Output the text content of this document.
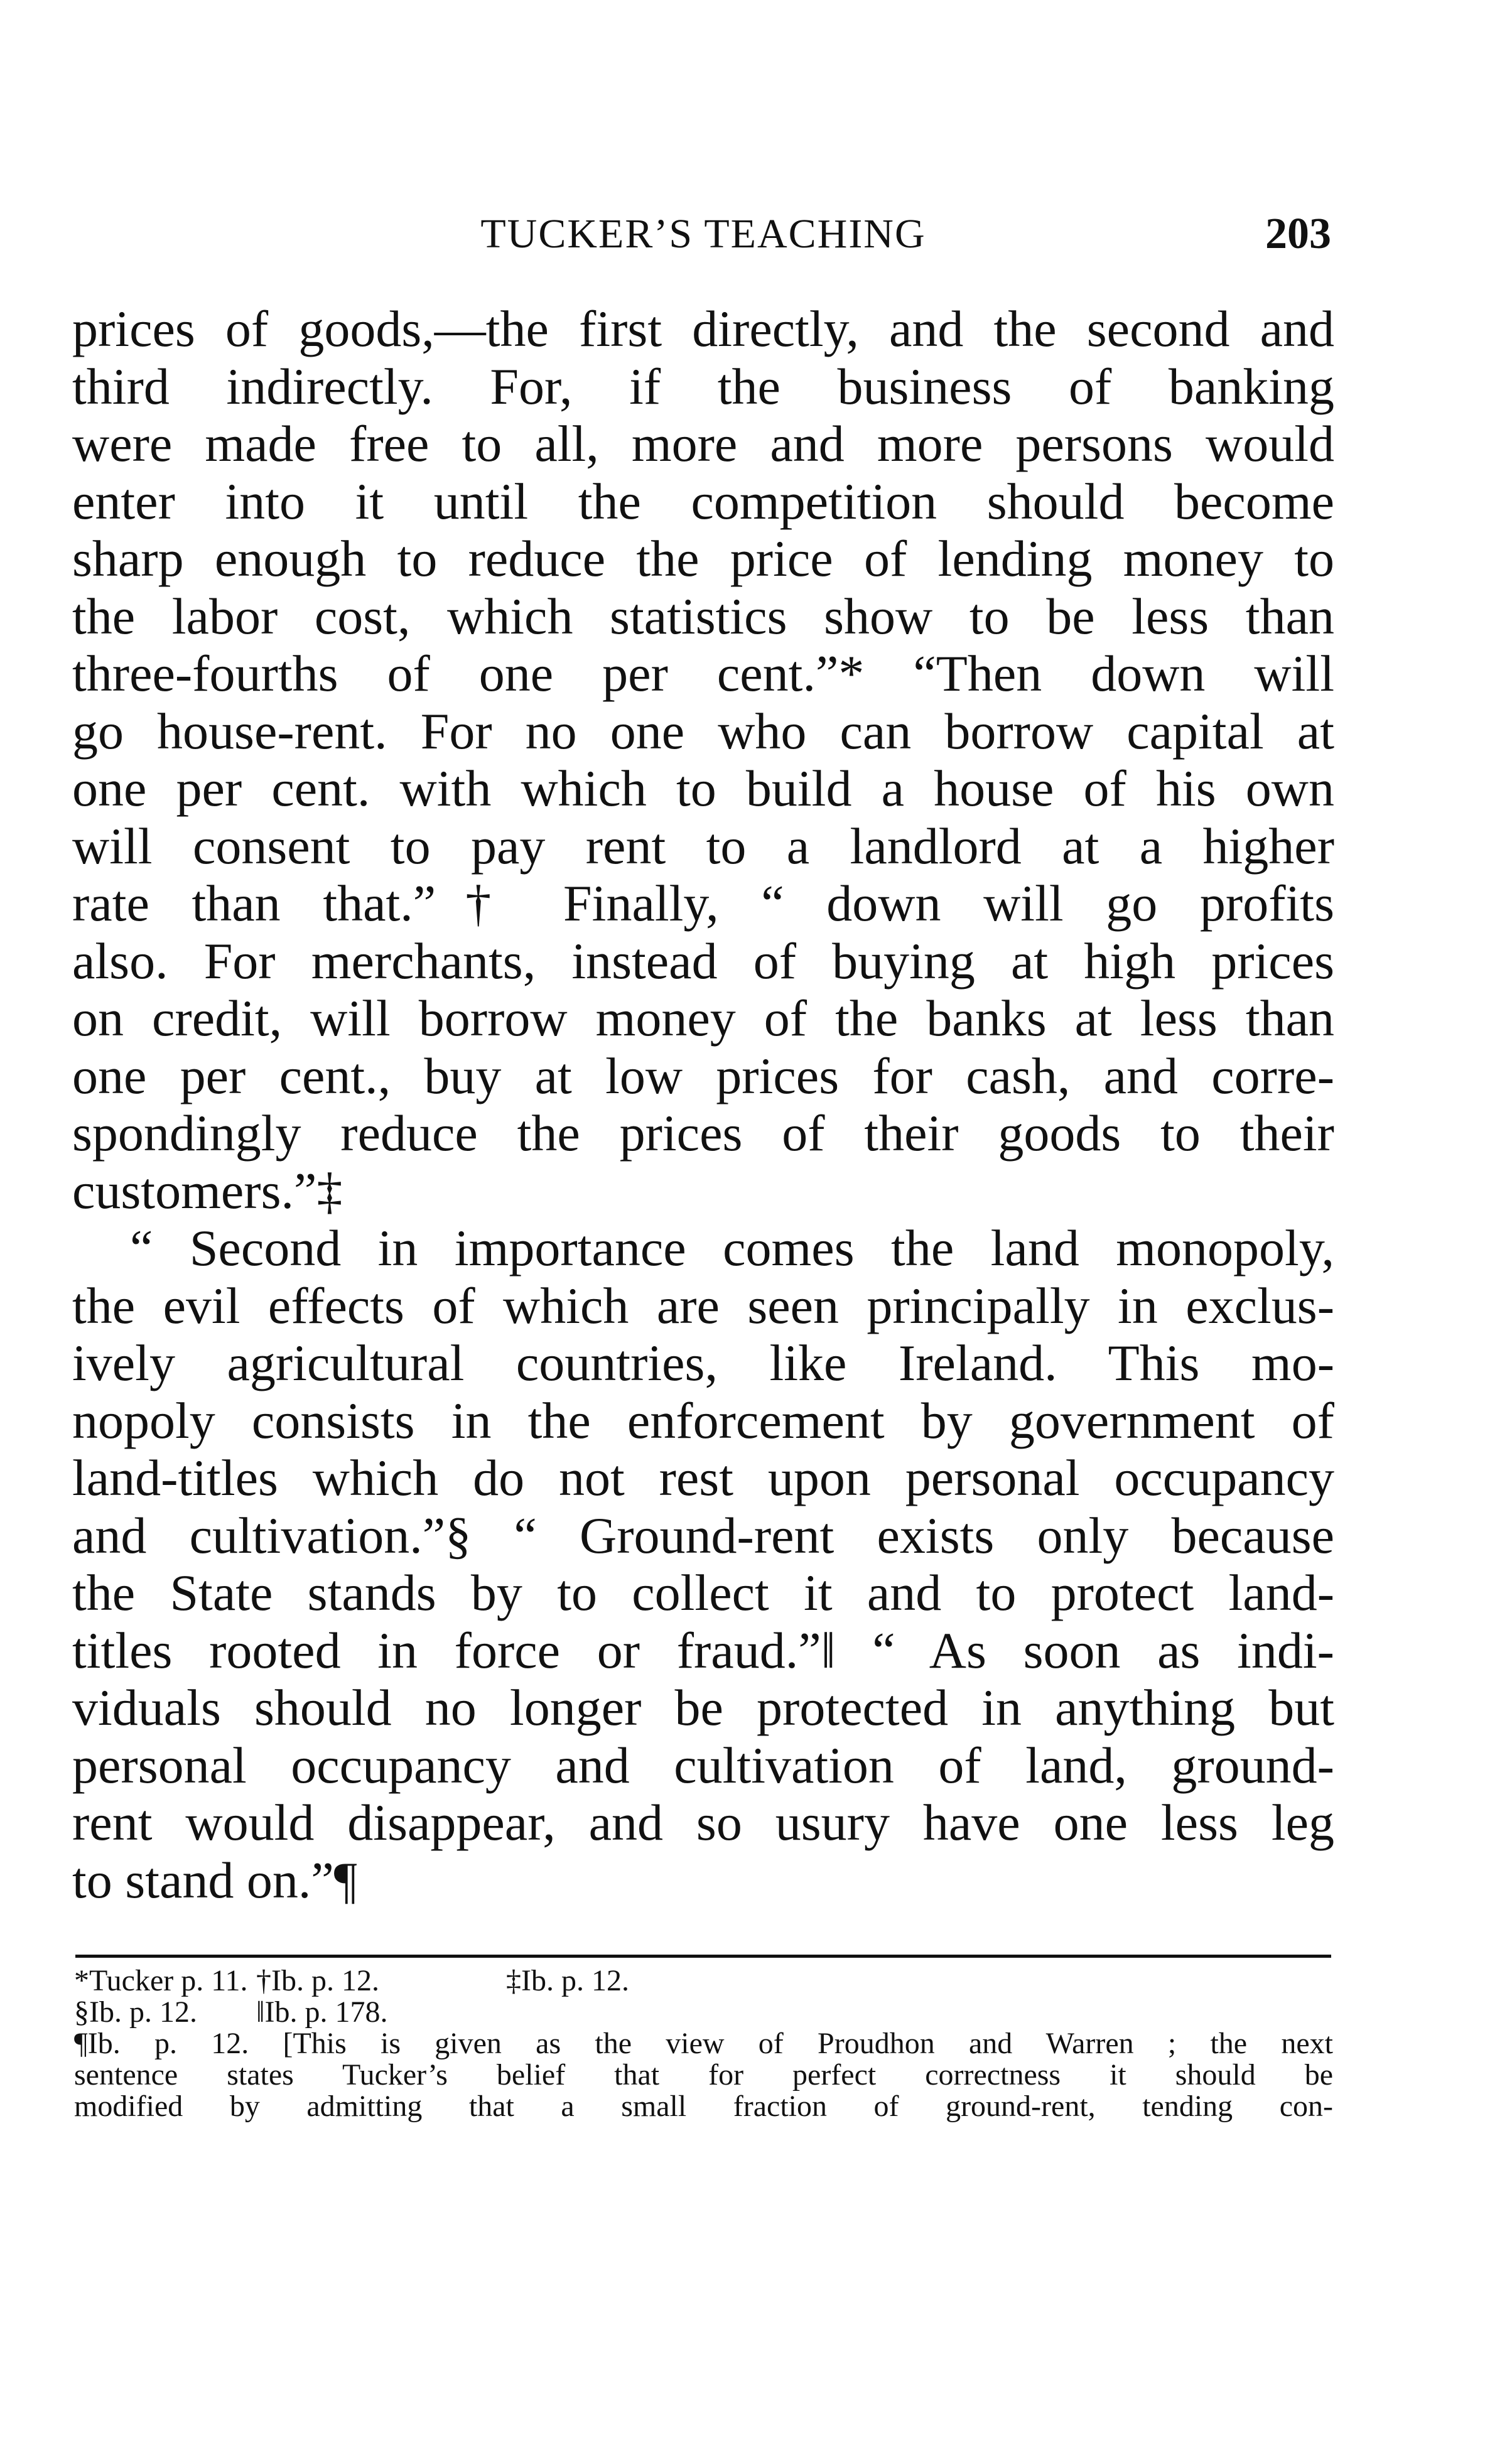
TUCKER’S TEACHING	203
prices of goods,—the first directly, and the second and
third indirectly. For, if the business of banking
were made free to all, more and more persons would
enter into it until the competition should become
sharp enough to reduce the price of lending money to
the labor cost, which statistics show to be less than
three-fourths of one per cent.”* “Then down will
go house-rent. For no one who can borrow capital at
one per cent. with which to build a house of his own
will consent to pay rent to a landlord at a higher
rate than that.”† Finally, “ down will go profits
also. For merchants, instead of buying at high prices
on credit, will borrow money of the banks at less than
one per cent., buy at low prices for cash, and corre-
spondingly reduce the prices of their goods to their
customers.”‡
“ Second in importance comes the land monopoly,
the evil effects of which are seen principally in exclus-
ively agricultural countries, like Ireland. This mo-
nopoly consists in the enforcement by government of
land-titles which do not rest upon personal occupancy
and cultivation.”§ “ Ground-rent exists only because
the State stands by to collect it and to protect land-
titles rooted in force or fraud.”‖ “ As soon as indi-
viduals should no longer be protected in anything but
personal occupancy and cultivation of land, ground-
rent would disappear, and so usury have one less leg
to stand on.”¶
*Tucker p. 11. †Ib. p. 12.	‡Ib. p. 12.
§Ib. p. 12. ‖Ib. p. 178.
¶Ib. p. 12. [This is given as the view of Proudhon and Warren ; the next
sentence states Tucker’s belief that for perfect correctness it should be
modified by admitting that a small fraction of ground-rent, tending con-
